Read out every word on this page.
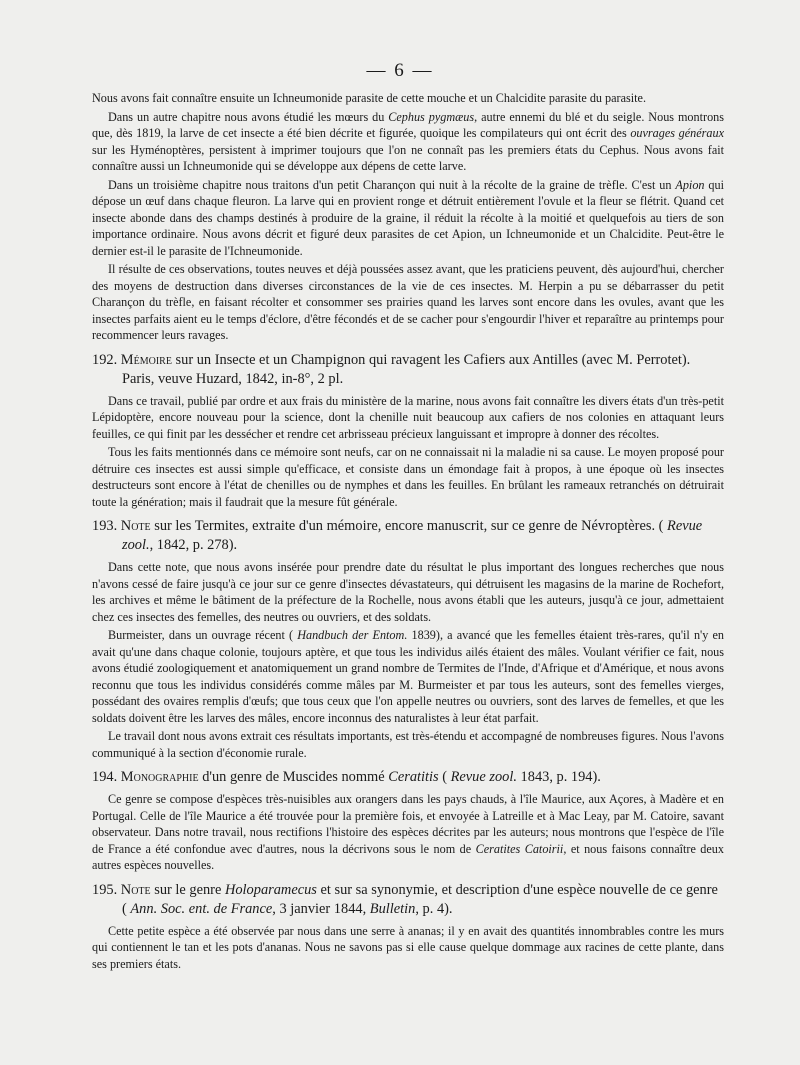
— 6 —

Nous avons fait connaître ensuite un Ichneumonide parasite de cette mouche et un Chalcidite parasite du parasite.

Dans un autre chapitre nous avons étudié les mœurs du Cephus pygmæus, autre ennemi du blé et du seigle. Nous montrons que, dès 1819, la larve de cet insecte a été bien décrite et figurée, quoique les compilateurs qui ont écrit des ouvrages généraux sur les Hyménoptères, persistent à imprimer toujours que l'on ne connaît pas les premiers états du Cephus. Nous avons fait connaître aussi un Ichneumonide qui se développe aux dépens de cette larve.

Dans un troisième chapitre nous traitons d'un petit Charançon qui nuit à la récolte de la graine de trèfle. C'est un Apion qui dépose un œuf dans chaque fleuron. La larve qui en provient ronge et détruit entièrement l'ovule et la fleur se flétrit. Quand cet insecte abonde dans des champs destinés à produire de la graine, il réduit la récolte à la moitié et quelquefois au tiers de son importance ordinaire. Nous avons décrit et figuré deux parasites de cet Apion, un Ichneumonide et un Chalcidite. Peut-être le dernier est-il le parasite de l'Ichneumonide.

Il résulte de ces observations, toutes neuves et déjà poussées assez avant, que les praticiens peuvent, dès aujourd'hui, chercher des moyens de destruction dans diverses circonstances de la vie de ces insectes. M. Herpin a pu se débarrasser du petit Charançon du trèfle, en faisant récolter et consommer ses prairies quand les larves sont encore dans les ovules, avant que les insectes parfaits aient eu le temps d'éclore, d'être fécondés et de se cacher pour s'engourdir l'hiver et reparaître au printemps pour recommencer leurs ravages.

192. Mémoire sur un Insecte et un Champignon qui ravagent les Cafiers aux Antilles (avec M. Perrotet). Paris, veuve Huzard, 1842, in-8°, 2 pl.

Dans ce travail, publié par ordre et aux frais du ministère de la marine, nous avons fait connaître les divers états d'un très-petit Lépidoptère, encore nouveau pour la science, dont la chenille nuit beaucoup aux cafiers de nos colonies en attaquant leurs feuilles, ce qui finit par les dessécher et rendre cet arbrisseau précieux languissant et impropre à donner des récoltes.

Tous les faits mentionnés dans ce mémoire sont neufs, car on ne connaissait ni la maladie ni sa cause. Le moyen proposé pour détruire ces insectes est aussi simple qu'efficace, et consiste dans un émondage fait à propos, à une époque où les insectes destructeurs sont encore à l'état de chenilles ou de nymphes et dans les feuilles. En brûlant les rameaux retranchés on détruirait toute la génération; mais il faudrait que la mesure fût générale.

193. Note sur les Termites, extraite d'un mémoire, encore manuscrit, sur ce genre de Névroptères. ( Revue zool., 1842, p. 278).

Dans cette note, que nous avons insérée pour prendre date du résultat le plus important des longues recherches que nous n'avons cessé de faire jusqu'à ce jour sur ce genre d'insectes dévastateurs, qui détruisent les magasins de la marine de Rochefort, les archives et même le bâtiment de la préfecture de la Rochelle, nous avons établi que les auteurs, jusqu'à ce jour, admettaient chez ces insectes des femelles, des neutres ou ouvriers, et des soldats.

Burmeister, dans un ouvrage récent ( Handbuch der Entom. 1839), a avancé que les femelles étaient très-rares, qu'il n'y en avait qu'une dans chaque colonie, toujours aptère, et que tous les individus ailés étaient des mâles. Voulant vérifier ce fait, nous avons étudié zoologiquement et anatomiquement un grand nombre de Termites de l'Inde, d'Afrique et d'Amérique, et nous avons reconnu que tous les individus considérés comme mâles par M. Burmeister et par tous les auteurs, sont des femelles vierges, possédant des ovaires remplis d'œufs; que tous ceux que l'on appelle neutres ou ouvriers, sont des larves de femelles, et que les soldats doivent être les larves des mâles, encore inconnus des naturalistes à leur état parfait.

Le travail dont nous avons extrait ces résultats importants, est très-étendu et accompagné de nombreuses figures. Nous l'avons communiqué à la section d'économie rurale.

194. Monographie d'un genre de Muscides nommé Ceratitis ( Revue zool. 1843, p. 194).

Ce genre se compose d'espèces très-nuisibles aux orangers dans les pays chauds, à l'île Maurice, aux Açores, à Madère et en Portugal. Celle de l'île Maurice a été trouvée pour la première fois, et envoyée à Latreille et à Mac Leay, par M. Catoire, savant observateur. Dans notre travail, nous rectifions l'histoire des espèces décrites par les auteurs; nous montrons que l'espèce de l'île de France a été confondue avec d'autres, nous la décrivons sous le nom de Ceratites Catoirii, et nous faisons connaître deux autres espèces nouvelles.

195. Note sur le genre Holoparamecus et sur sa synonymie, et description d'une espèce nouvelle de ce genre ( Ann. Soc. ent. de France, 3 janvier 1844, Bulletin, p. 4).

Cette petite espèce a été observée par nous dans une serre à ananas; il y en avait des quantités innombrables contre les murs qui contiennent le tan et les pots d'ananas. Nous ne savons pas si elle cause quelque dommage aux racines de cette plante, dans ses premiers états.
